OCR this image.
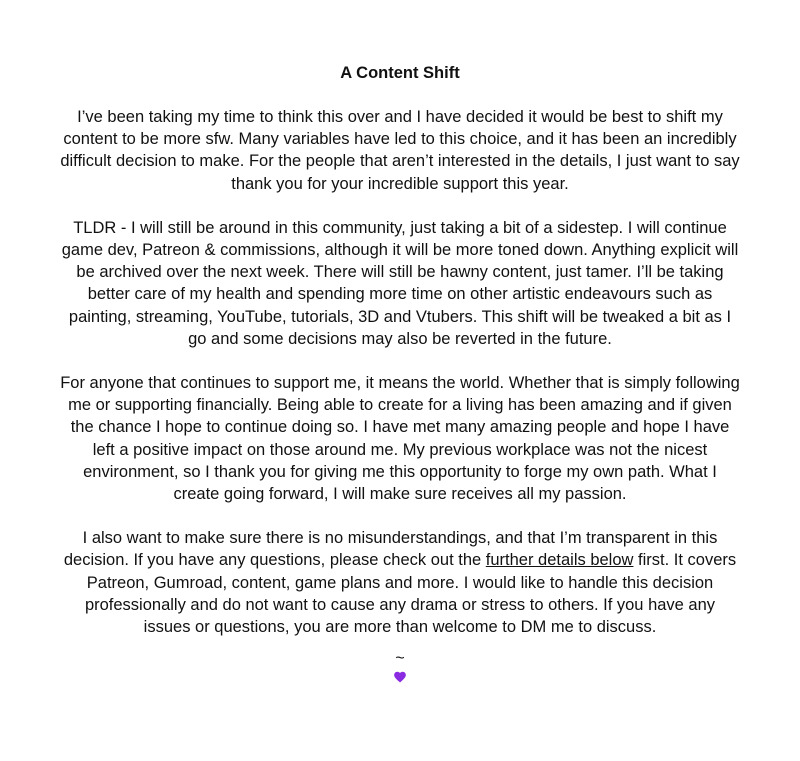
A Content Shift

I’ve been taking my time to think this over and I have decided it would be best to shift my content to be more sfw. Many variables have led to this choice, and it has been an incredibly difficult decision to make. For the people that aren’t interested in the details, I just want to say thank you for your incredible support this year.

TLDR - I will still be around in this community, just taking a bit of a sidestep. I will continue game dev, Patreon & commissions, although it will be more toned down. Anything explicit will be archived over the next week. There will still be hawny content, just tamer. I’ll be taking better care of my health and spending more time on other artistic endeavours such as painting, streaming, YouTube, tutorials, 3D and Vtubers. This shift will be tweaked a bit as I go and some decisions may also be reverted in the future.

For anyone that continues to support me, it means the world. Whether that is simply following me or supporting financially. Being able to create for a living has been amazing and if given the chance I hope to continue doing so. I have met many amazing people and hope I have left a positive impact on those around me. My previous workplace was not the nicest environment, so I thank you for giving me this opportunity to forge my own path. What I create going forward, I will make sure receives all my passion.

I also want to make sure there is no misunderstandings, and that I’m transparent in this decision. If you have any questions, please check out the further details below first. It covers Patreon, Gumroad, content, game plans and more. I would like to handle this decision professionally and do not want to cause any drama or stress to others. If you have any issues or questions, you are more than welcome to DM me to discuss.

~
